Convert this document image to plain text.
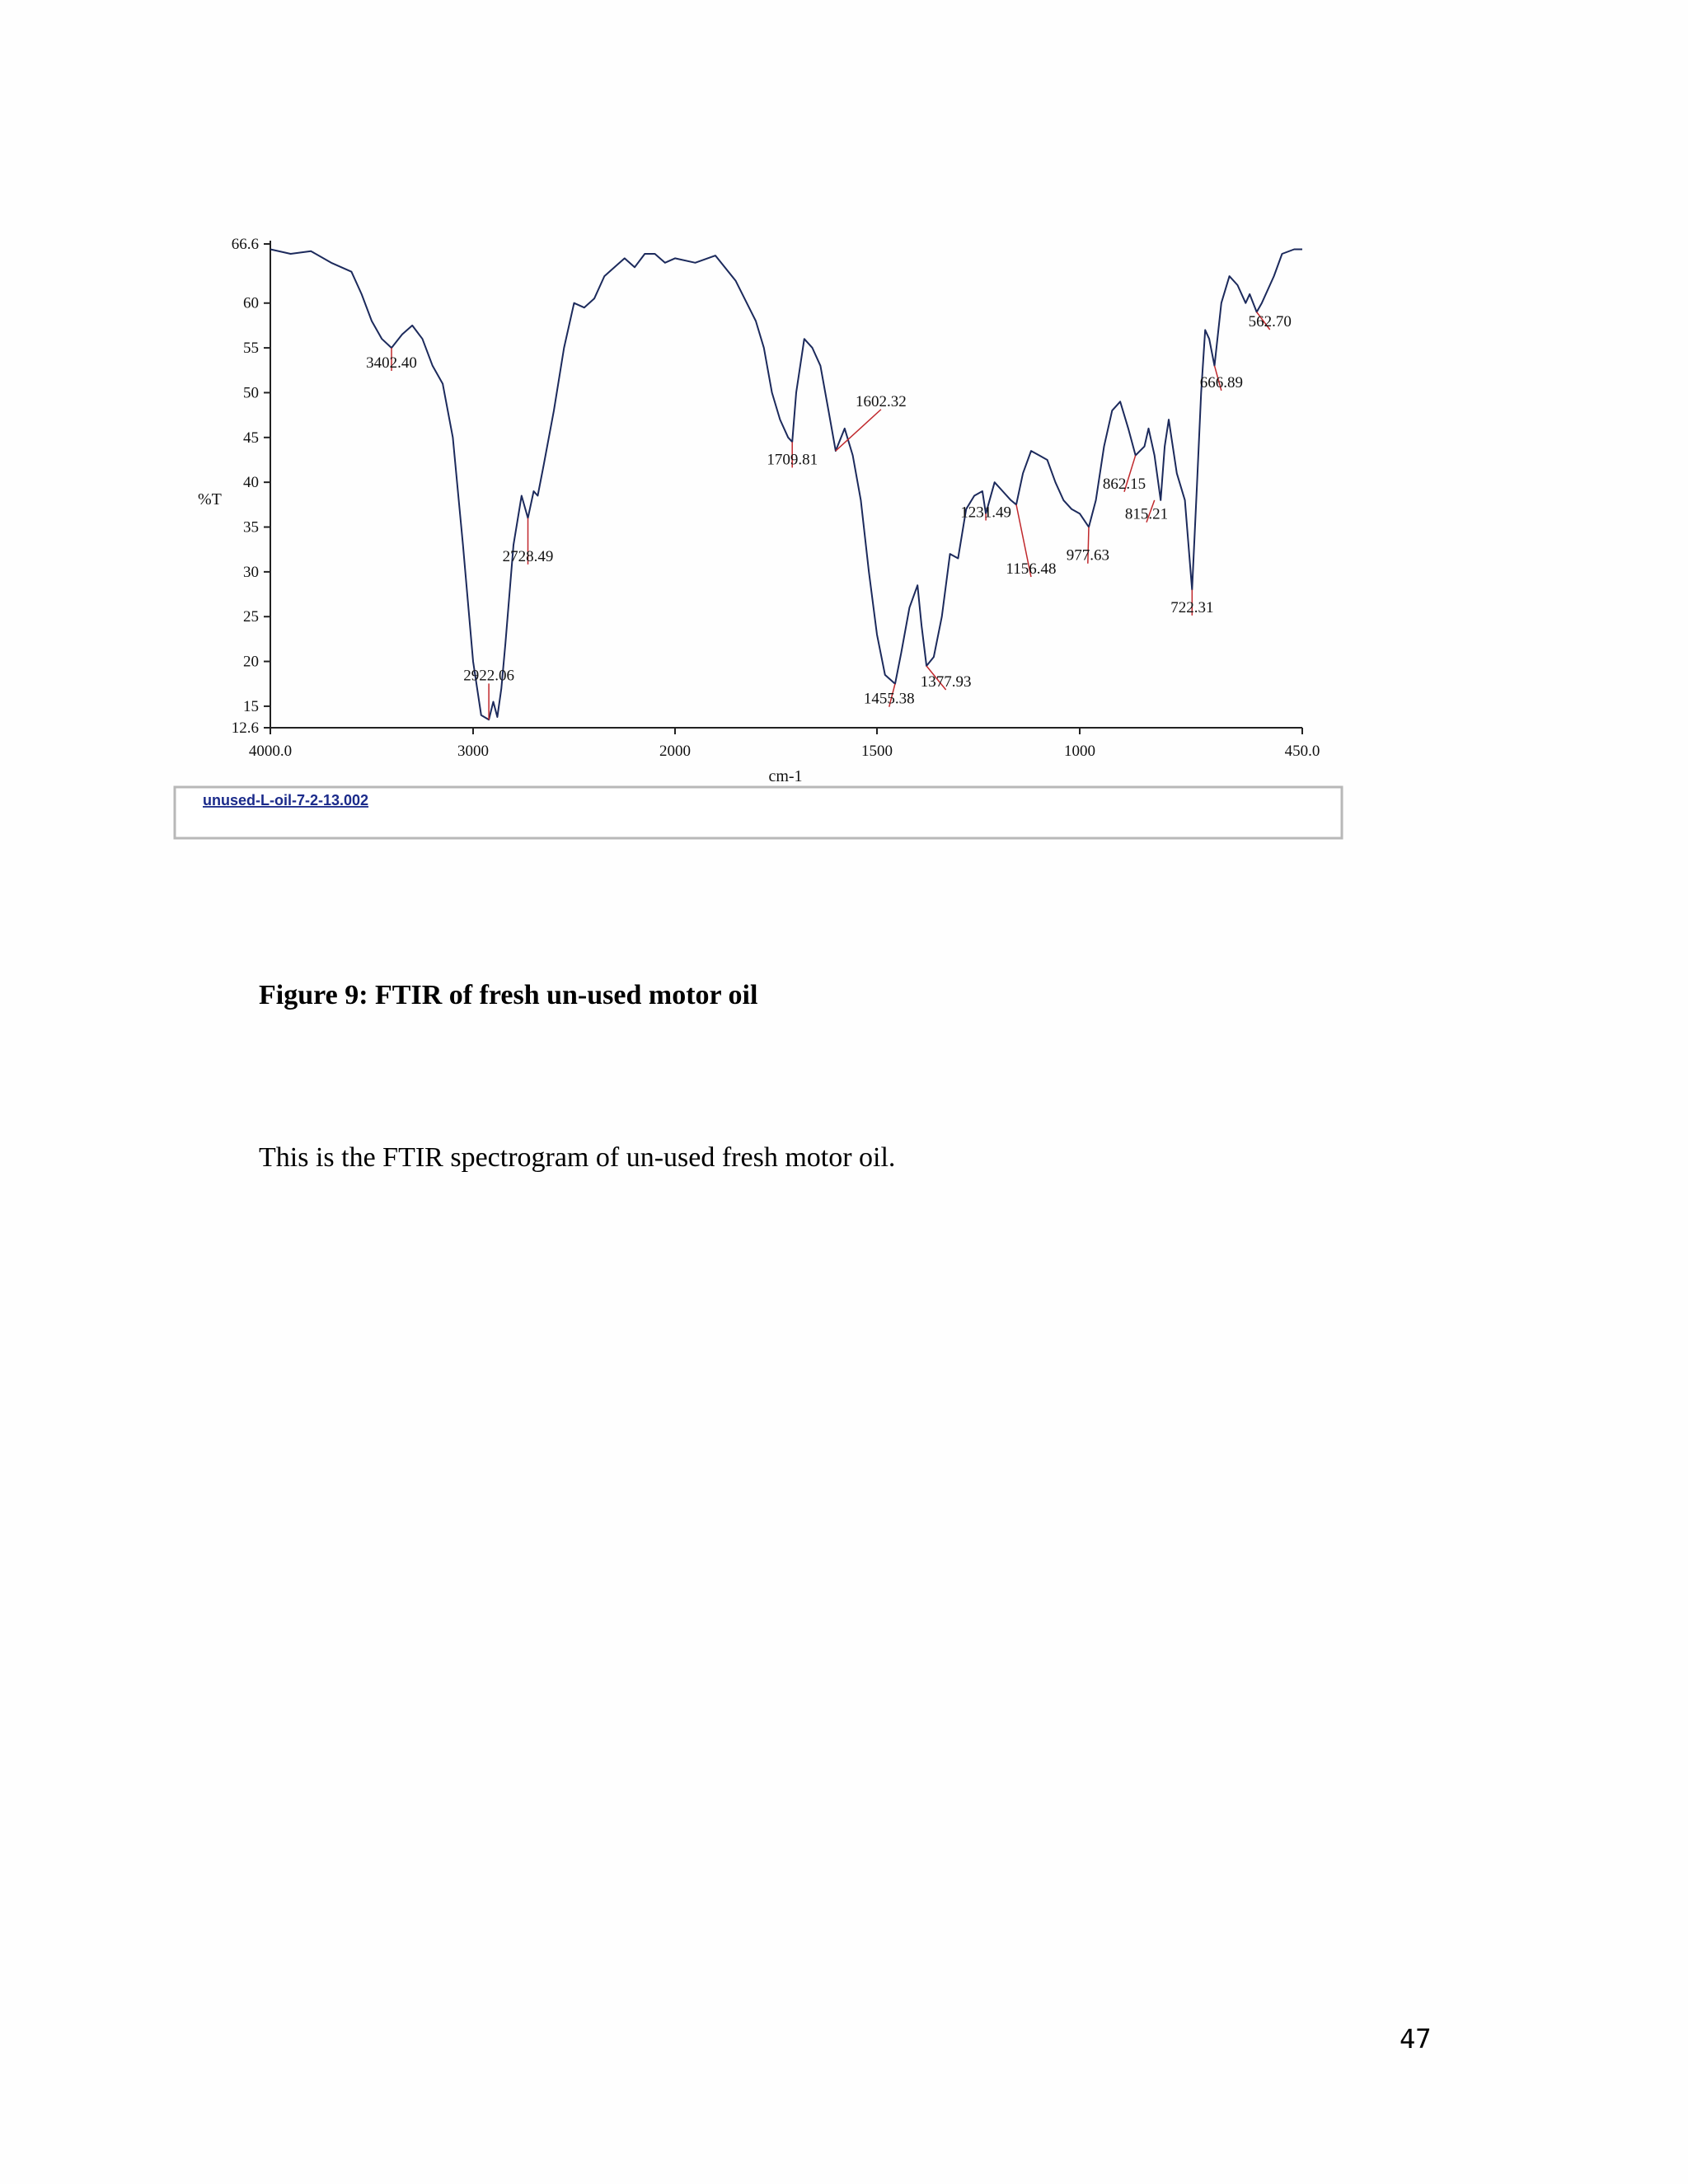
66.6
60
55
50
45
40
35
30
25
20
15
12.6
4000.0	3000	2000	1500	1000	450.0
3402.40
2922.06
2728.49
1709.81
1602.32
1455.38
1377.93
1231.49
1156.48
977.63
862.15
815.21
722.31
666.89
562.70
%T
cm-1
unused-L-oil-7-2-13.002

Figure 9: FTIR of fresh un-used motor oil

This is the FTIR spectrogram of un-used fresh motor oil.

47
